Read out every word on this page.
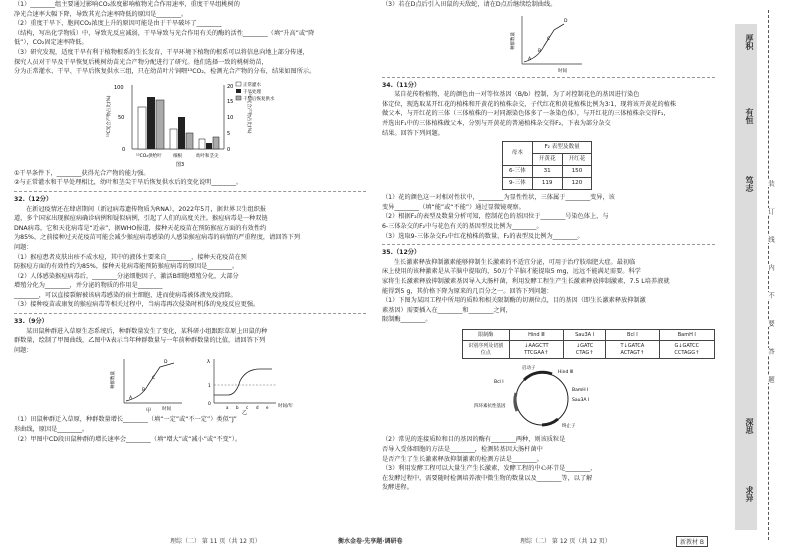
（1）________组主要通过影响CO₂浓度影响植物光合作用速率，重度干旱组桃树的

净光合速率大幅下降，导致其光合速率降低的原因是________。

（2）重度干旱下，胞间CO₂浓度上升的原因可能是由于干旱破坏了________

（结构，写出化学物质）中，导致光反应减弱，干旱导致与光合作用有关的酶的活性________（填“升高”或“降

低”），CO₂固定速率降低。

（3）研究发现，适度干旱有利于植物根系的生长发育，干旱环境下植物的根系可以将信息向地上部分传递，

探究人员对干旱及干旱恢复后桃树幼苗光合产物分配进行了研究。他们选择一致的桃树幼苗，

分为正常灌水、干旱、干旱后恢复供水三组，只在幼苗叶片饲喂¹³CO₂，检测光合产物的分布，结果如图所示。

0
50
100
0
5
10
15
20
¹³C光合产物占比(%)	¹³C光合产物占比(%)
¹³CO₂供给叶	细根	幼叶和茎尖
图3
正常灌水
干旱处理
干旱后恢复供水

①干旱条件下，________获得光合产物的能力强。

②与正常灌水和干旱处理相比，幼叶和茎尖干旱后恢复供水后的变化说明________。

32.（12分）

在新冠疫情还在肆虐期间（新冠病毒遗传物质为RNA），2022年5月，据世界卫生组织报

道，多个国家出现猴痘病确诊病例和疑似病例，引起了人们的高度关注。猴痘病毒是一种双链

DNA病毒，它和天花病毒是“近亲”，据WHO报道，接种天花疫苗在预防猴痘方面的有效性约

为85%，之前接种过天花疫苗可能会减少猴痘病毒感染的人感染猴痘病毒的病情的严重程度，请回答下列

问题：

（1）猴痘患者皮肤出疹不成水痘，其中的液体主要来自________，接种天花疫苗在预

防猴痘方面的有效性约为85%，接种天花病毒能预防猴痘病毒的原因是________。

（2）人体感染猴痘病毒后，________分泌细胞因子，激活B细胞增殖分化，大部分

增殖分化为________，并分泌的物质的作用是________

________，可以直接裂解被该病毒感染的宿主细胞，进而使病毒被体液免疫清除。

（3）接种疫苗或康复的猴痘病毒等相关过程中，当病毒再次侵染时机体的免疫反应更强。

33.（9分）

某田鼠种群进入草原生态系统后，种群数量发生了变化，某科研小组跟踪草原上田鼠的种

群数量，绘制了甲图曲线，乙图中λ表示当年种群数量与一年前种群数量的比值，请回答下列

问题：

A
B
C
D
种群数量
时间
甲
λ
1
0
a b c d e 时间/年
乙

（1）田鼠种群迁入草原，种群数量增长________（填“一定”或“不一定”）类似“J”

形曲线，原因是________。

（2）甲图中CD段田鼠种群的增长速率会________（填“增大”或“减小”或“不变”）。

（3）若在D点后引入田鼠的天敌蛇，请在D点后继续绘制曲线。

A
B
C
D
种群数量
时间

34.（11分）

某自花传粉植物，花的颜色由一对等位基因（B/b）控制，为了对控制花色的基因进行染色

体定位，现选取某开红花的植株和开黄花的植株杂交，子代红花和黄花植株比例为3∶1，现将该开黄花的植株

做父本，与开红花的三体（三体植株的一对同源染色体多了一条染色体），与开红花的三体植株杂交得F₁，

并选出F₁中的三体植株做父本，分别与开黄花的普通植株杂交得F₂，下表为部分杂交

结果。回答下列问题。

母本	F₂ 表型及数量	
	开黄花	开红花
6-三体	31	150
9-三体	119	120

（1）花的颜色这一对相对性状中，________为显性性状，三体属于________变异，该

变异________（填“能”或“不能”）通过显微镜观察。

（2）根据F₂的表型及数量分析可知，控制花色的基因位于________号染色体上，与

6-三体杂交的F₂中与花色有关的基因型及比例为________。

（3）选取9-三体杂交F₂中红花植株的数量，F₂的表型及比例为________。

35.（12分）

生长激素释放抑制激素能够抑制生长激素的不适宜分泌，可用于治疗肢端肥大症。最初临

床上使用的该种激素是从羊脑中提取的，50万个羊脑才能提取5 mg，远远不能满足需要。科学

家将生长激素释放抑制激素基因导入大肠杆菌，利用发酵工程生产生长激素释放抑制激素，7.5 L培养液就

能得到5 g，其价格下降为原来的几百分之一。回答下列问题：

（1）下图为某因工程中所用的质粒和相关限制酶的切割位点，目的基因（即生长激素释放抑制激

素基因）需要插入在________和________之间，

限制酶________。

限制酶	Hind Ⅲ	Sau3A Ⅰ	Bcl Ⅰ	BamH Ⅰ
识别序列及切割位点	↓AAGCTT TTCGAA↑	↓GATC CTAG↑	T↓GATCA ACTAGT↑	G↓GATCC CCTAGG↑
启动子
Hind Ⅲ
Bcl Ⅰ
BamH Ⅰ
Sau3A Ⅰ
四环素抗性基因
终止子

（2）常见的连接质粒和目的基因的酶有________两种，则该质粒是

否导入受体细胞的方法是________，检测转基因大肠杆菌中

是否产生了生长激素释放抑制激素的检测方法是________。

（3）利用发酵工程可以大量生产生长激素，发酵工程的中心环节是________，

在发酵过程中，需要随时检测培养液中微生物的数量以及________等，以了解

发酵进程。

理综（二） 第 11 页（共 12 页）	衡水金卷·先享题·调研卷	理综（二） 第 12 页（共 12 页）	新教材 B
厚积
有恒
笃志
深思
求异
装
订
线
内
不
要
答
题
